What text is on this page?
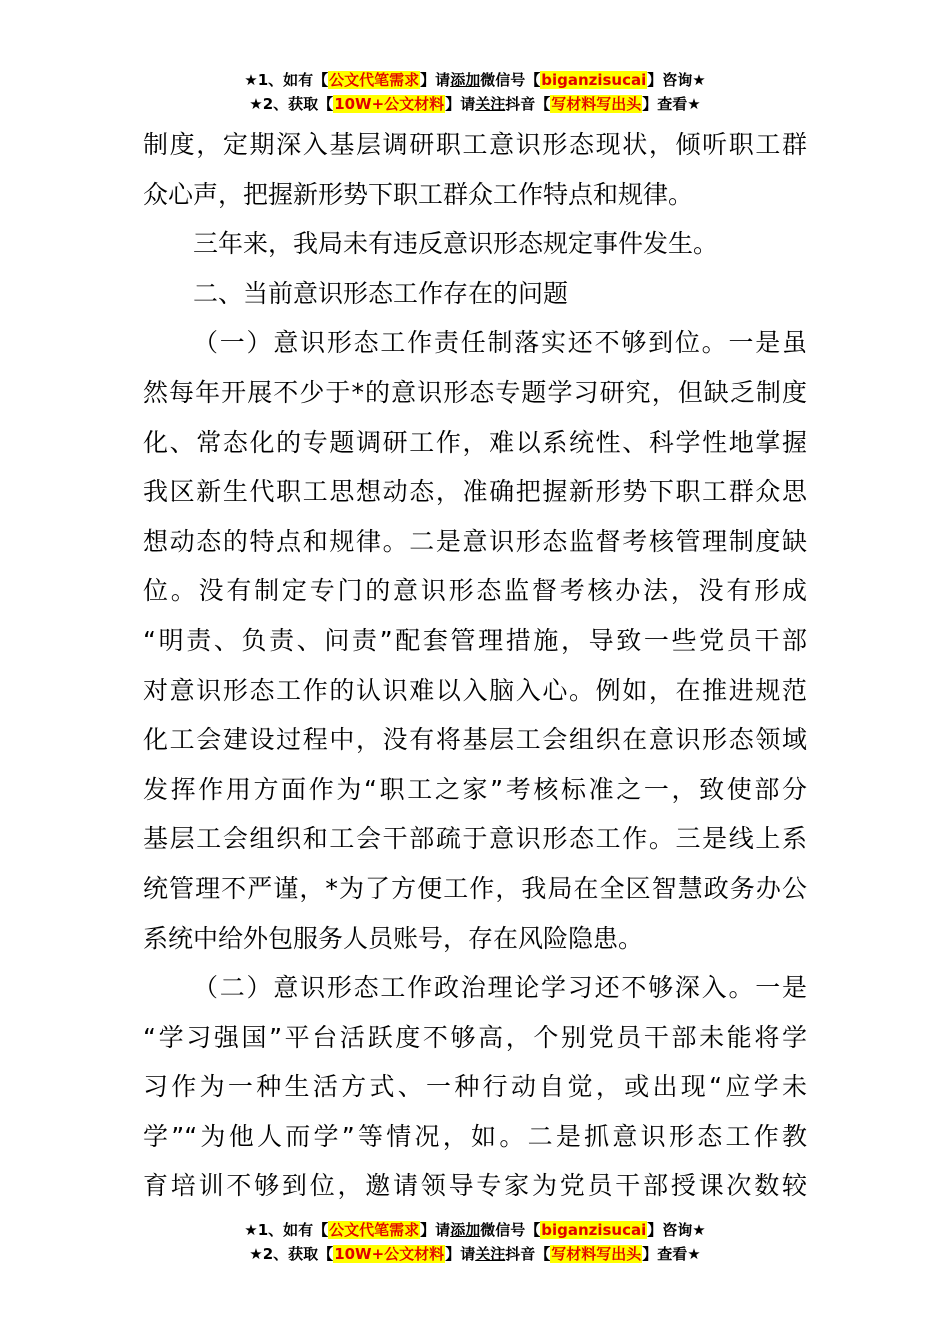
★1、如有【公文代笔需求】请添加微信号【biganzisucai】咨询★
★2、获取【10W+公文材料】请关注抖音【写材料写出头】查看★

制度，定期深入基层调研职工意识形态现状，倾听职工群

众心声，把握新形势下职工群众工作特点和规律。

三年来，我局未有违反意识形态规定事件发生。

二、当前意识形态工作存在的问题

（一）意识形态工作责任制落实还不够到位。一是虽

然每年开展不少于*的意识形态专题学习研究，但缺乏制度

化、常态化的专题调研工作，难以系统性、科学性地掌握

我区新生代职工思想动态，准确把握新形势下职工群众思

想动态的特点和规律。二是意识形态监督考核管理制度缺

位。没有制定专门的意识形态监督考核办法，没有形成

“明责、负责、问责”配套管理措施，导致一些党员干部

对意识形态工作的认识难以入脑入心。例如，在推进规范

化工会建设过程中，没有将基层工会组织在意识形态领域

发挥作用方面作为“职工之家”考核标准之一，致使部分

基层工会组织和工会干部疏于意识形态工作。三是线上系

统管理不严谨，*为了方便工作，我局在全区智慧政务办公

系统中给外包服务人员账号，存在风险隐患。

（二）意识形态工作政治理论学习还不够深入。一是

“学习强国”平台活跃度不够高，个别党员干部未能将学

习作为一种生活方式、一种行动自觉，或出现“应学未

学”“为他人而学”等情况，如。二是抓意识形态工作教

育培训不够到位，邀请领导专家为党员干部授课次数较

★1、如有【公文代笔需求】请添加微信号【biganzisucai】咨询★
★2、获取【10W+公文材料】请关注抖音【写材料写出头】查看★
